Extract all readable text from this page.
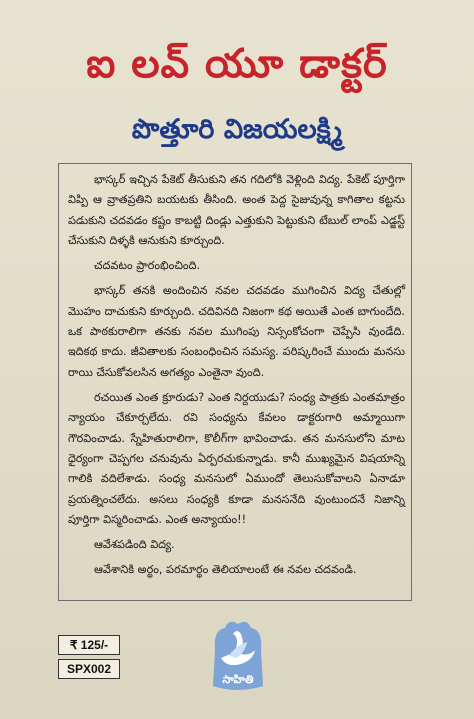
ఐ లవ్ యూ డాక్టర్
పొత్తూరి విజయలక్ష్మి

భాస్కర్ ఇచ్చిన పేకెట్ తీసుకుని తన గదిలోకి వెళ్లింది విద్య. పేకెట్ పూర్తిగా విప్పి ఆ వ్రాతప్రతిని బయటకు తీసింది. అంత పెద్ద సైజువున్న కాగితాల కట్టను పడుకుని చదవడం కష్టం కాబట్టి దిండ్లు ఎత్తుకుని పెట్టుకుని టేబుల్ లాంప్ ఎడ్జస్ట్ చేసుకుని దిళ్ళకి ఆనుకుని కూర్చుంది.

చదవటం ప్రారంభించింది.

భాస్కర్ తనకి అందించిన నవల చదవడం ముగించిన విద్య చేతుల్లో మొహం దాచుకుని కూర్చుంది. చదివినది నిజంగా కథ అయితే ఎంత బాగుందేది. ఒక పాఠకురాలిగా తనకు నవల ముగింపు నిస్సంకోచంగా చెప్పేసి వుండేది. ఇదికథ కాదు. జీవితాలకు సంబంధించిన సమస్య. పరిష్కరించే ముందు మనసు రాయి చేసుకోవలసిన అగత్యం ఎంతైనా వుంది.

రచయిత ఎంత క్రూరుడు? ఎంత నిర్దయుడు? సంధ్య పాత్రకు ఎంతమాత్రం న్యాయం చేకూర్చలేదు. రవి సంధ్యను కేవలం డాక్టరుగారి అమ్మాయిగా గౌరవించాడు. స్నేహితురాలిగా, కొలీగ్‌గా భావించాడు. తన మనసులోని మాట ధైర్యంగా చెప్పగల చనువును ఏర్పరచుకున్నాడు. కానీ ముఖ్యమైన విషయాన్ని గాలికి వదిలేశాడు. సంధ్య మనసులో ఏముందో తెలుసుకోవాలని ఏనాడూ ప్రయత్నించలేదు. అసలు సంధ్యకి కూడా మనసనేది వుంటుందనే నిజాన్ని పూర్తిగా విస్మరించాడు. ఎంత అన్యాయం!!

ఆవేశపడింది విద్య.

ఆవేశానికి అర్థం, పరమార్థం తెలియాలంటే ఈ నవల చదవండి.

₹ 125/-
SPX002
సాహితి
